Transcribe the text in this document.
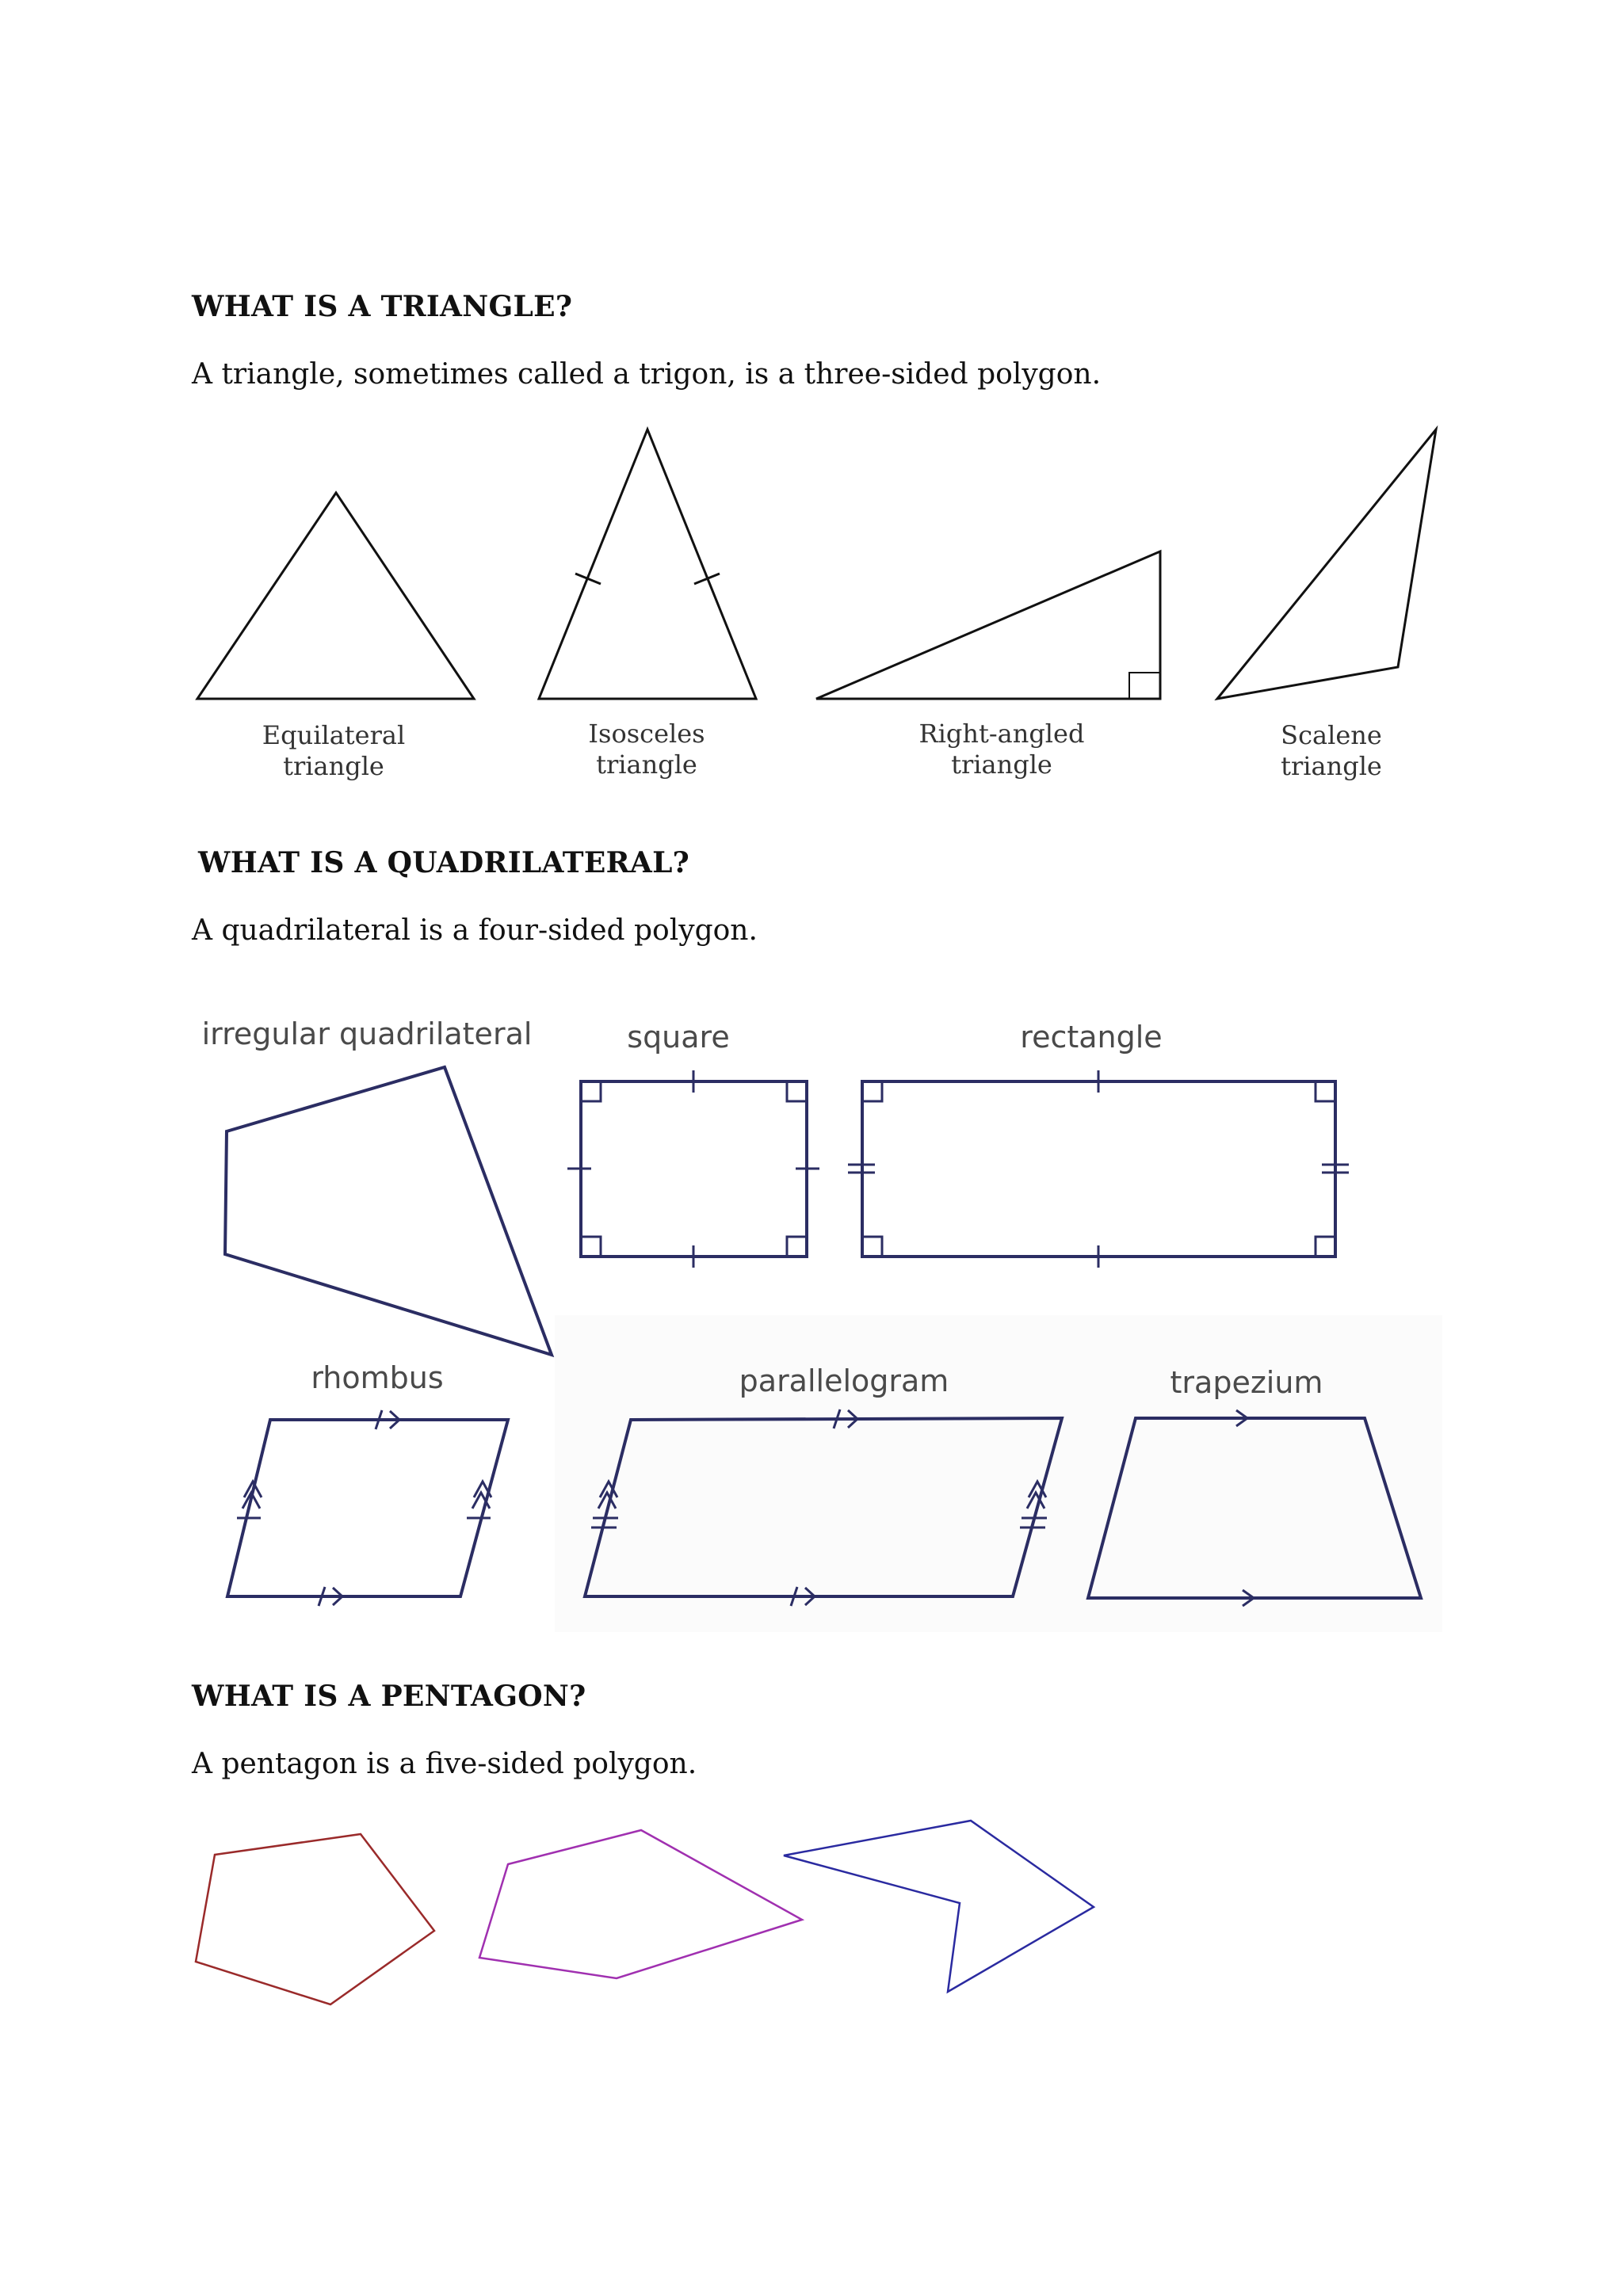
WHAT IS A TRIANGLE?

A triangle, sometimes called a trigon, is a three-sided polygon.

Equilateral
triangle
Isosceles
triangle
Right-angled
triangle
Scalene
triangle
WHAT IS A QUADRILATERAL?

A quadrilateral is a four-sided polygon.

irregular quadrilateral	square	rectangle
rhombus	parallelogram	trapezium
WHAT IS A PENTAGON?

A pentagon is a five-sided polygon.
